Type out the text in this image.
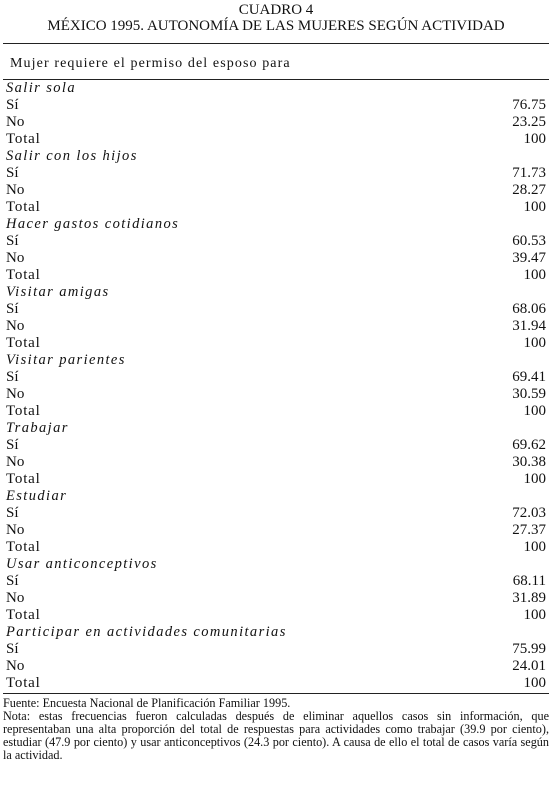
CUADRO 4
MÉXICO 1995. AUTONOMÍA DE LAS MUJERES SEGÚN ACTIVIDAD
Mujer requiere el permiso del esposo para
Salir sola
Sí	76.75
No	23.25
Total	100
Salir con los hijos
Sí	71.73
No	28.27
Total	100
Hacer gastos cotidianos
Sí	60.53
No	39.47
Total	100
Visitar amigas
Sí	68.06
No	31.94
Total	100
Visitar parientes
Sí	69.41
No	30.59
Total	100
Trabajar
Sí	69.62
No	30.38
Total	100
Estudiar
Sí	72.03
No	27.37
Total	100
Usar anticonceptivos
Sí	68.11
No	31.89
Total	100
Participar en actividades comunitarias
Sí	75.99
No	24.01
Total	100

Fuente: Encuesta Nacional de Planificación Familiar 1995.

Nota: estas frecuencias fueron calculadas después de eliminar aquellos casos sin información, que representaban una alta proporción del total de respuestas para actividades como trabajar (39.9 por ciento), estudiar (47.9 por ciento) y usar anticonceptivos (24.3 por ciento). A causa de ello el total de casos varía según la actividad.
